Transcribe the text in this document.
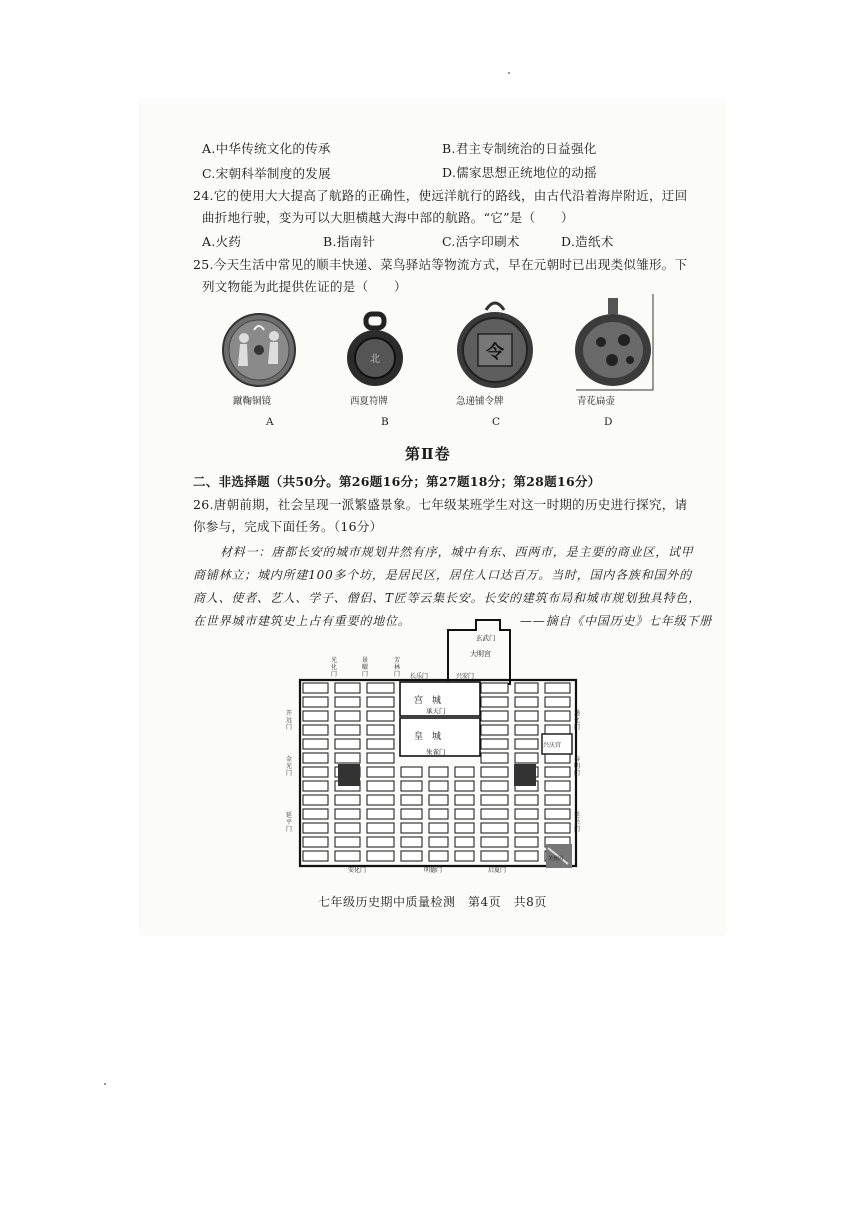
A.中华传统文化的传承	B.君主专制统治的日益强化
C.宋朝科举制度的发展	D.儒家思想正统地位的动摇
24.它的使用大大提高了航路的正确性，使远洋航行的路线，由古代沿着海岸附近，迂回
曲折地行驶，变为可以大胆横越大海中部的航路。“它”是（　　）
A.火药	B.指南针	C.活字印刷术	D.造纸术
25.今天生活中常见的顺丰快递、菜鸟驿站等物流方式，早在元朝时已出现类似雏形。下
列文物能为此提供佐证的是（　　）
蹴鞠铜镜
A
北
西夏符牌
B
令
急递铺令牌
C
青花扁壶
D
第Ⅱ卷
二、非选择题（共50分。第26题16分；第27题18分；第28题16分）
26.唐朝前期，社会呈现一派繁盛景象。七年级某班学生对这一时期的历史进行探究，请
你参与，完成下面任务。（16分）
材料一：唐都长安的城市规划井然有序，城中有东、西两市，是主要的商业区，试甲
商铺林立；城内所建100多个坊，是居民区，居住人口达百万。当时，国内各族和国外的
商人、使者、艺人、学子、僧侣、T匠等云集长安。长安的建筑布局和城市规划独具特色，
在世界城市建筑史上占有重要的地位。	——摘自《中国历史》七年级下册
宫　城
承天门
皇　城
朱雀门
玄武门
大明宫
长乐门	兴安门
兴庆宫
芙蓉园
安化门	明德门	启夏门
开远门
金光门
延平门
光化门
景曜门
芳林门
通化门
春明门
延兴门
七年级历史期中质量检测　第4页　共8页
